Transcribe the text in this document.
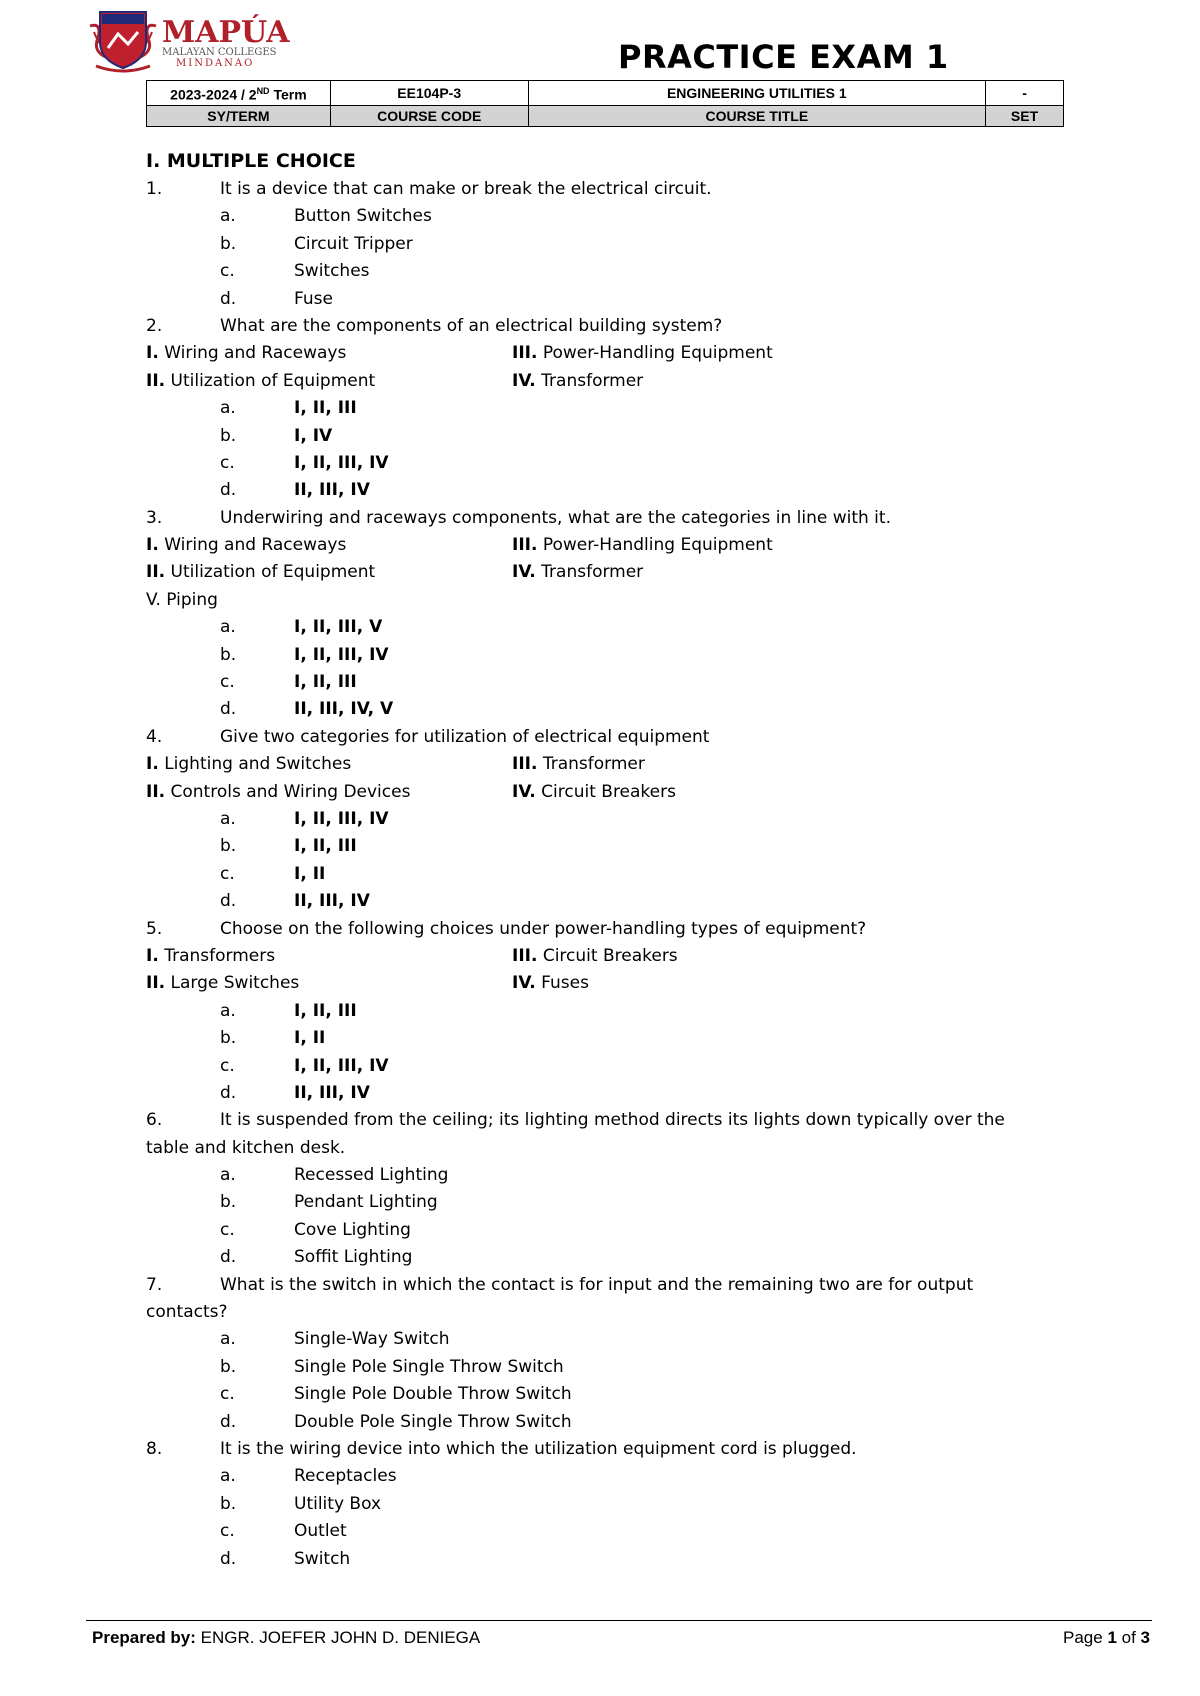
MAPÚA
MALAYAN COLLEGES
MINDANAO	PRACTICE EXAM 1
2023-2024 / 2ND Term	EE104P-3	ENGINEERING UTILITIES 1	-
SY/TERM	COURSE CODE	COURSE TITLE	SET
I. MULTIPLE CHOICE
1.	It is a device that can make or break the electrical circuit.
a.	Button Switches
b.	Circuit Tripper
c.	Switches
d.	Fuse
2.	What are the components of an electrical building system?
I. Wiring and Raceways	III. Power-Handling Equipment
II. Utilization of Equipment	IV. Transformer
a.	I, II, III
b.	I, IV
c.	I, II, III, IV
d.	II, III, IV
3.	Underwiring and raceways components, what are the categories in line with it.
I. Wiring and Raceways	III. Power-Handling Equipment
II. Utilization of Equipment	IV. Transformer
V. Piping
a.	I, II, III, V
b.	I, II, III, IV
c.	I, II, III
d.	II, III, IV, V
4.	Give two categories for utilization of electrical equipment
I. Lighting and Switches	III. Transformer
II. Controls and Wiring Devices	IV. Circuit Breakers
a.	I, II, III, IV
b.	I, II, III
c.	I, II
d.	II, III, IV
5.	Choose on the following choices under power-handling types of equipment?
I. Transformers	III. Circuit Breakers
II. Large Switches	IV. Fuses
a.	I, II, III
b.	I, II
c.	I, II, III, IV
d.	II, III, IV
6.	It is suspended from the ceiling; its lighting method directs its lights down typically over the
table and kitchen desk.
a.	Recessed Lighting
b.	Pendant Lighting
c.	Cove Lighting
d.	Soffit Lighting
7.	What is the switch in which the contact is for input and the remaining two are for output
contacts?
a.	Single-Way Switch
b.	Single Pole Single Throw Switch
c.	Single Pole Double Throw Switch
d.	Double Pole Single Throw Switch
8.	It is the wiring device into which the utilization equipment cord is plugged.
a.	Receptacles
b.	Utility Box
c.	Outlet
d.	Switch
Prepared by: ENGR. JOEFER JOHN D. DENIEGA	Page 1 of 3
